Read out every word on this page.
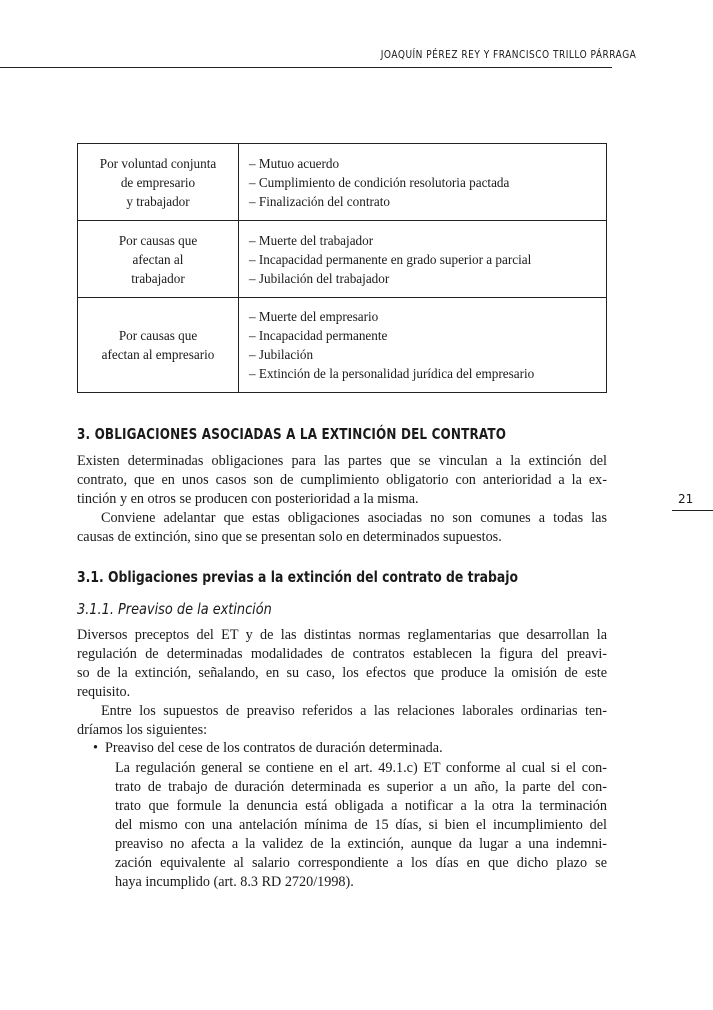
JOAQUÍN PÉREZ REY Y FRANCISCO TRILLO PÁRRAGA
21
Por voluntad conjunta
de empresario
y trabajador	– Mutuo acuerdo
– Cumplimiento de condición resolutoria pactada
– Finalización del contrato

Por causas que
afectan al
trabajador	– Muerte del trabajador
– Incapacidad permanente en grado superior a parcial
– Jubilación del trabajador

Por causas que
afectan al empresario	– Muerte del empresario
– Incapacidad permanente
– Jubilación
– Extinción de la personalidad jurídica del empresario
3. OBLIGACIONES ASOCIADAS A LA EXTINCIÓN DEL CONTRATO
Existen determinadas obligaciones para las partes que se vinculan a la extinción del
contrato, que en unos casos son de cumplimiento obligatorio con anterioridad a la ex-
tinción y en otros se producen con posterioridad a la misma.
Conviene adelantar que estas obligaciones asociadas no son comunes a todas las
causas de extinción, sino que se presentan solo en determinados supuestos.
3.1. Obligaciones previas a la extinción del contrato de trabajo
3.1.1. Preaviso de la extinción
Diversos preceptos del ET y de las distintas normas reglamentarias que desarrollan la
regulación de determinadas modalidades de contratos establecen la figura del preavi-
so de la extinción, señalando, en su caso, los efectos que produce la omisión de este
requisito.
Entre los supuestos de preaviso referidos a las relaciones laborales ordinarias ten-
dríamos los siguientes:
• Preaviso del cese de los contratos de duración determinada.
La regulación general se contiene en el art. 49.1.c) ET conforme al cual si el con-
trato de trabajo de duración determinada es superior a un año, la parte del con-
trato que formule la denuncia está obligada a notificar a la otra la terminación
del mismo con una antelación mínima de 15 días, si bien el incumplimiento del
preaviso no afecta a la validez de la extinción, aunque da lugar a una indemni-
zación equivalente al salario correspondiente a los días en que dicho plazo se
haya incumplido (art. 8.3 RD 2720/1998).
